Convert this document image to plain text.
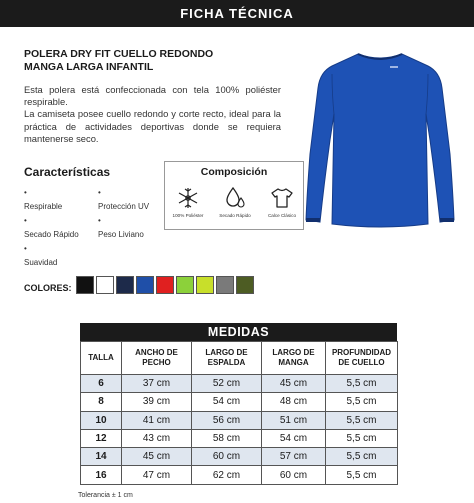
FICHA TÉCNICA
POLERA DRY FIT CUELLO REDONDO
MANGA LARGA INFANTIL

Esta polera está confeccionada con tela 100% poliéster respirable.

La camiseta posee cuello redondo y corte recto, ideal para la práctica de actividades deportivas donde se requiera mantenerse seco.

Características
•
Respirable
•
Secado Rápido
•
Suavidad
•
Protección UV
•
Peso Liviano
Composición
100% Poliéster	Secado Rápido	Calce Clásico
COLORES:
MEDIDAS
TALLA	ANCHO DE PECHO	LARGO DE ESPALDA	LARGO DE MANGA	PROFUNDIDAD DE CUELLO
6	37 cm	52 cm	45 cm	5,5 cm
8	39 cm	54 cm	48 cm	5,5 cm
10	41 cm	56 cm	51 cm	5,5 cm
12	43 cm	58 cm	54 cm	5,5 cm
14	45 cm	60 cm	57 cm	5,5 cm
16	47 cm	62 cm	60 cm	5,5 cm
Tolerancia ± 1 cm
